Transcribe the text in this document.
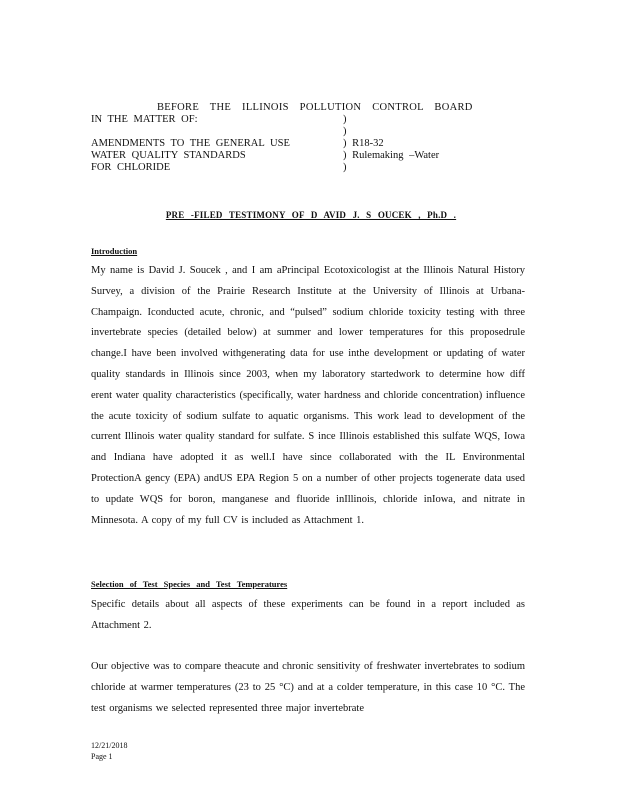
BEFORE THE ILLINOIS POLLUTION CONTROL BOARD
IN THE MATTER OF:	)
)
AMENDMENTS TO THE GENERAL USE	) R18-32
WATER QUALITY STANDARDS	) Rulemaking –Water
FOR CHLORIDE	)
PRE -FILED TESTIMONY OF D AVID J. S OUCEK , Ph.D .
Introduction
My name is David J. Soucek , and I am aPrincipal Ecotoxicologist at the Illinois Natural History Survey, a division of the Prairie Research Institute at the University of Illinois at Urbana- Champaign. Iconducted acute, chronic, and “pulsed” sodium chloride toxicity testing with three invertebrate species (detailed below) at summer and lower temperatures for this proposedrule change.I have been involved withgenerating data for use inthe development or updating of water quality standards in Illinois since 2003, when my laboratory startedwork to determine how diff erent water quality characteristics (specifically, water hardness and chloride concentration) influence the acute toxicity of sodium sulfate to aquatic organisms. This work lead to development of the current Illinois water quality standard for sulfate. S ince Illinois established this sulfate WQS, Iowa and Indiana have adopted it as well.I have since collaborated with the IL Environmental ProtectionA gency (EPA) andUS EPA Region 5 on a number of other projects togenerate data used to update WQS for boron, manganese and fluoride inIllinois, chloride inIowa, and nitrate in Minnesota. A copy of my full CV is included as Attachment 1.
Selection of Test Species and Test Temperatures
Specific details about all aspects of these experiments can be found in a report included as Attachment 2.
Our objective was to compare theacute and chronic sensitivity of freshwater invertebrates to sodium chloride at warmer temperatures (23 to 25 °C) and at a colder temperature, in this case 10 °C. The test organisms we selected represented three major invertebrate
12/21/2018
Page 1
